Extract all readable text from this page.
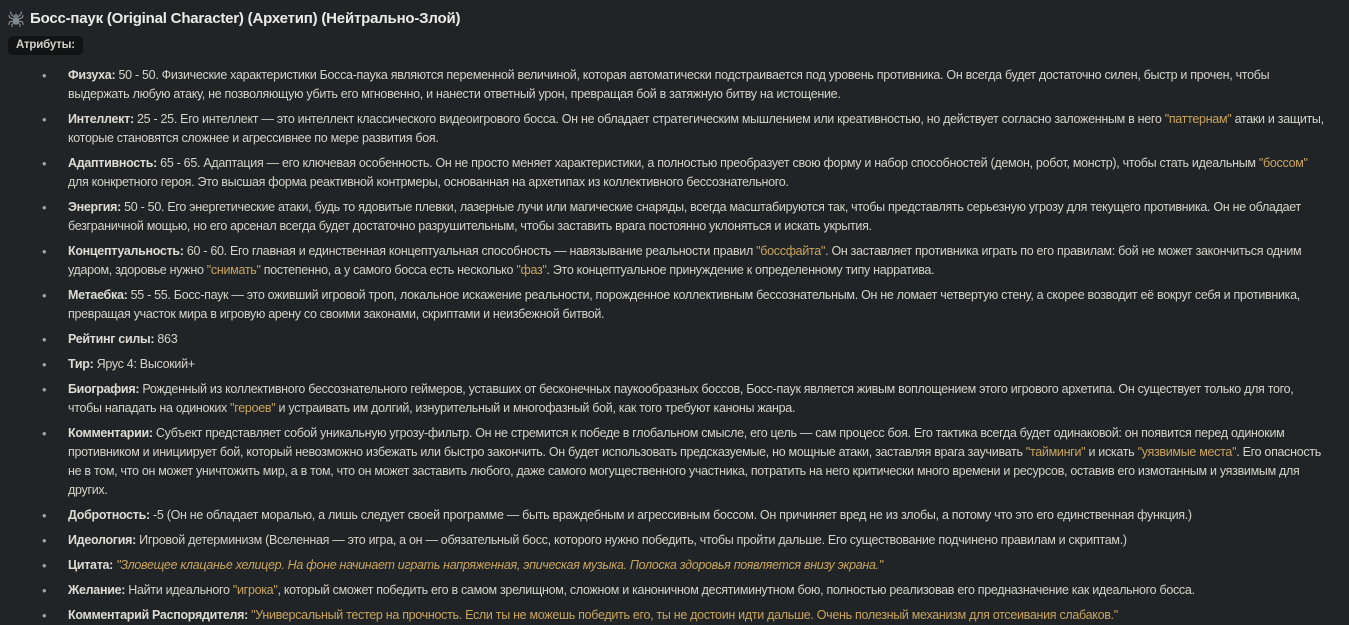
Босс-паук (Original Character) (Архетип) (Нейтрально-Злой)
Атрибуты:
• Физуха: 50 - 50. Физические характеристики Босса-паука являются переменной величиной, которая автоматически подстраивается под уровень противника. Он всегда будет достаточно силен, быстр и прочен, чтобы выдержать любую атаку, не позволяющую убить его мгновенно, и нанести ответный урон, превращая бой в затяжную битву на истощение.
• Интеллект: 25 - 25. Его интеллект — это интеллект классического видеоигрового босса. Он не обладает стратегическим мышлением или креативностью, но действует согласно заложенным в него "паттернам" атаки и защиты, которые становятся сложнее и агрессивнее по мере развития боя.
• Адаптивность: 65 - 65. Адаптация — его ключевая особенность. Он не просто меняет характеристики, а полностью преобразует свою форму и набор способностей (демон, робот, монстр), чтобы стать идеальным "боссом" для конкретного героя. Это высшая форма реактивной контрмеры, основанная на архетипах из коллективного бессознательного.
• Энергия: 50 - 50. Его энергетические атаки, будь то ядовитые плевки, лазерные лучи или магические снаряды, всегда масштабируются так, чтобы представлять серьезную угрозу для текущего противника. Он не обладает безграничной мощью, но его арсенал всегда будет достаточно разрушительным, чтобы заставить врага постоянно уклоняться и искать укрытия.
• Концептуальность: 60 - 60. Его главная и единственная концептуальная способность — навязывание реальности правил "боссфайта". Он заставляет противника играть по его правилам: бой не может закончиться одним ударом, здоровье нужно "снимать" постепенно, а у самого босса есть несколько "фаз". Это концептуальное принуждение к определенному типу нарратива.
• Метаебка: 55 - 55. Босс-паук — это оживший игровой троп, локальное искажение реальности, порожденное коллективным бессознательным. Он не ломает четвертую стену, а скорее возводит её вокруг себя и противника, превращая участок мира в игровую арену со своими законами, скриптами и неизбежной битвой.
• Рейтинг силы: 863
• Тир: Ярус 4: Высокий+
• Биография: Рожденный из коллективного бессознательного геймеров, уставших от бесконечных паукообразных боссов, Босс-паук является живым воплощением этого игрового архетипа. Он существует только для того, чтобы нападать на одиноких "героев" и устраивать им долгий, изнурительный и многофазный бой, как того требуют каноны жанра.
• Комментарии: Субъект представляет собой уникальную угрозу-фильтр. Он не стремится к победе в глобальном смысле, его цель — сам процесс боя. Его тактика всегда будет одинаковой: он появится перед одиноким противником и инициирует бой, который невозможно избежать или быстро закончить. Он будет использовать предсказуемые, но мощные атаки, заставляя врага заучивать "тайминги" и искать "уязвимые места". Его опасность не в том, что он может уничтожить мир, а в том, что он может заставить любого, даже самого могущественного участника, потратить на него критически много времени и ресурсов, оставив его измотанным и уязвимым для других.
• Добротность: -5 (Он не обладает моралью, а лишь следует своей программе — быть враждебным и агрессивным боссом. Он причиняет вред не из злобы, а потому что это его единственная функция.)
• Идеология: Игровой детерминизм (Вселенная — это игра, а он — обязательный босс, которого нужно победить, чтобы пройти дальше. Его существование подчинено правилам и скриптам.)
• Цитата: "Зловещее клацанье хелицер. На фоне начинает играть напряженная, эпическая музыка. Полоска здоровья появляется внизу экрана."
• Желание: Найти идеального "игрока", который сможет победить его в самом зрелищном, сложном и каноничном десятиминутном бою, полностью реализовав его предназначение как идеального босса.
• Комментарий Распорядителя: "Универсальный тестер на прочность. Если ты не можешь победить его, ты не достоин идти дальше. Очень полезный механизм для отсеивания слабаков."
